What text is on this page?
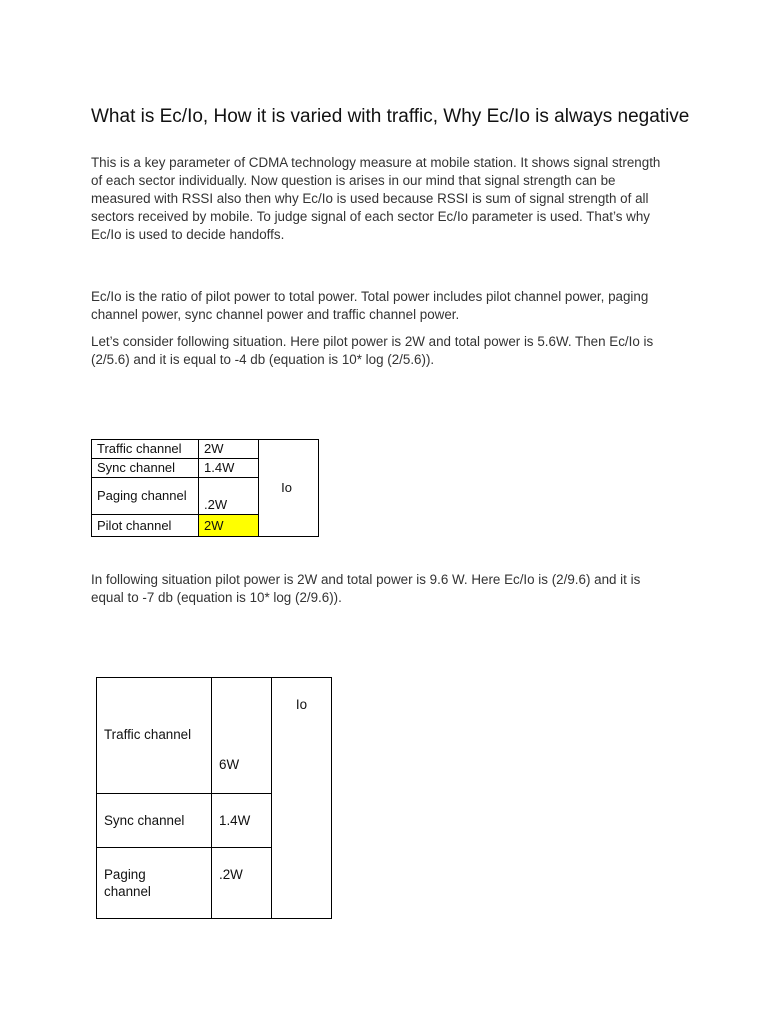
What is Ec/Io, How it is varied with traffic, Why Ec/Io is always negative

This is a key parameter of CDMA technology measure at mobile station. It shows signal strength of each sector individually. Now question is arises in our mind that signal strength can be measured with RSSI also then why Ec/Io is used because RSSI is sum of signal strength of all sectors received by mobile. To judge signal of each sector Ec/Io parameter is used. That’s why Ec/Io is used to decide handoffs.

Ec/Io is the ratio of pilot power to total power. Total power includes pilot channel power, paging channel power, sync channel power and traffic channel power.

Let’s consider following situation. Here pilot power is 2W and total power is 5.6W. Then Ec/Io is (2/5.6) and it is equal to -4 db (equation is 10* log (2/5.6)).

Traffic channel	2W	Io
Sync channel	1.4W	
Paging channel	.2W	
Pilot channel	2W	

In following situation pilot power is 2W and total power is 9.6 W. Here Ec/Io is (2/9.6) and it is equal to -7 db (equation is 10* log (2/9.6)).

Traffic channel	6W	Io

Sync channel	1.4W	

Paging channel	.2W	
